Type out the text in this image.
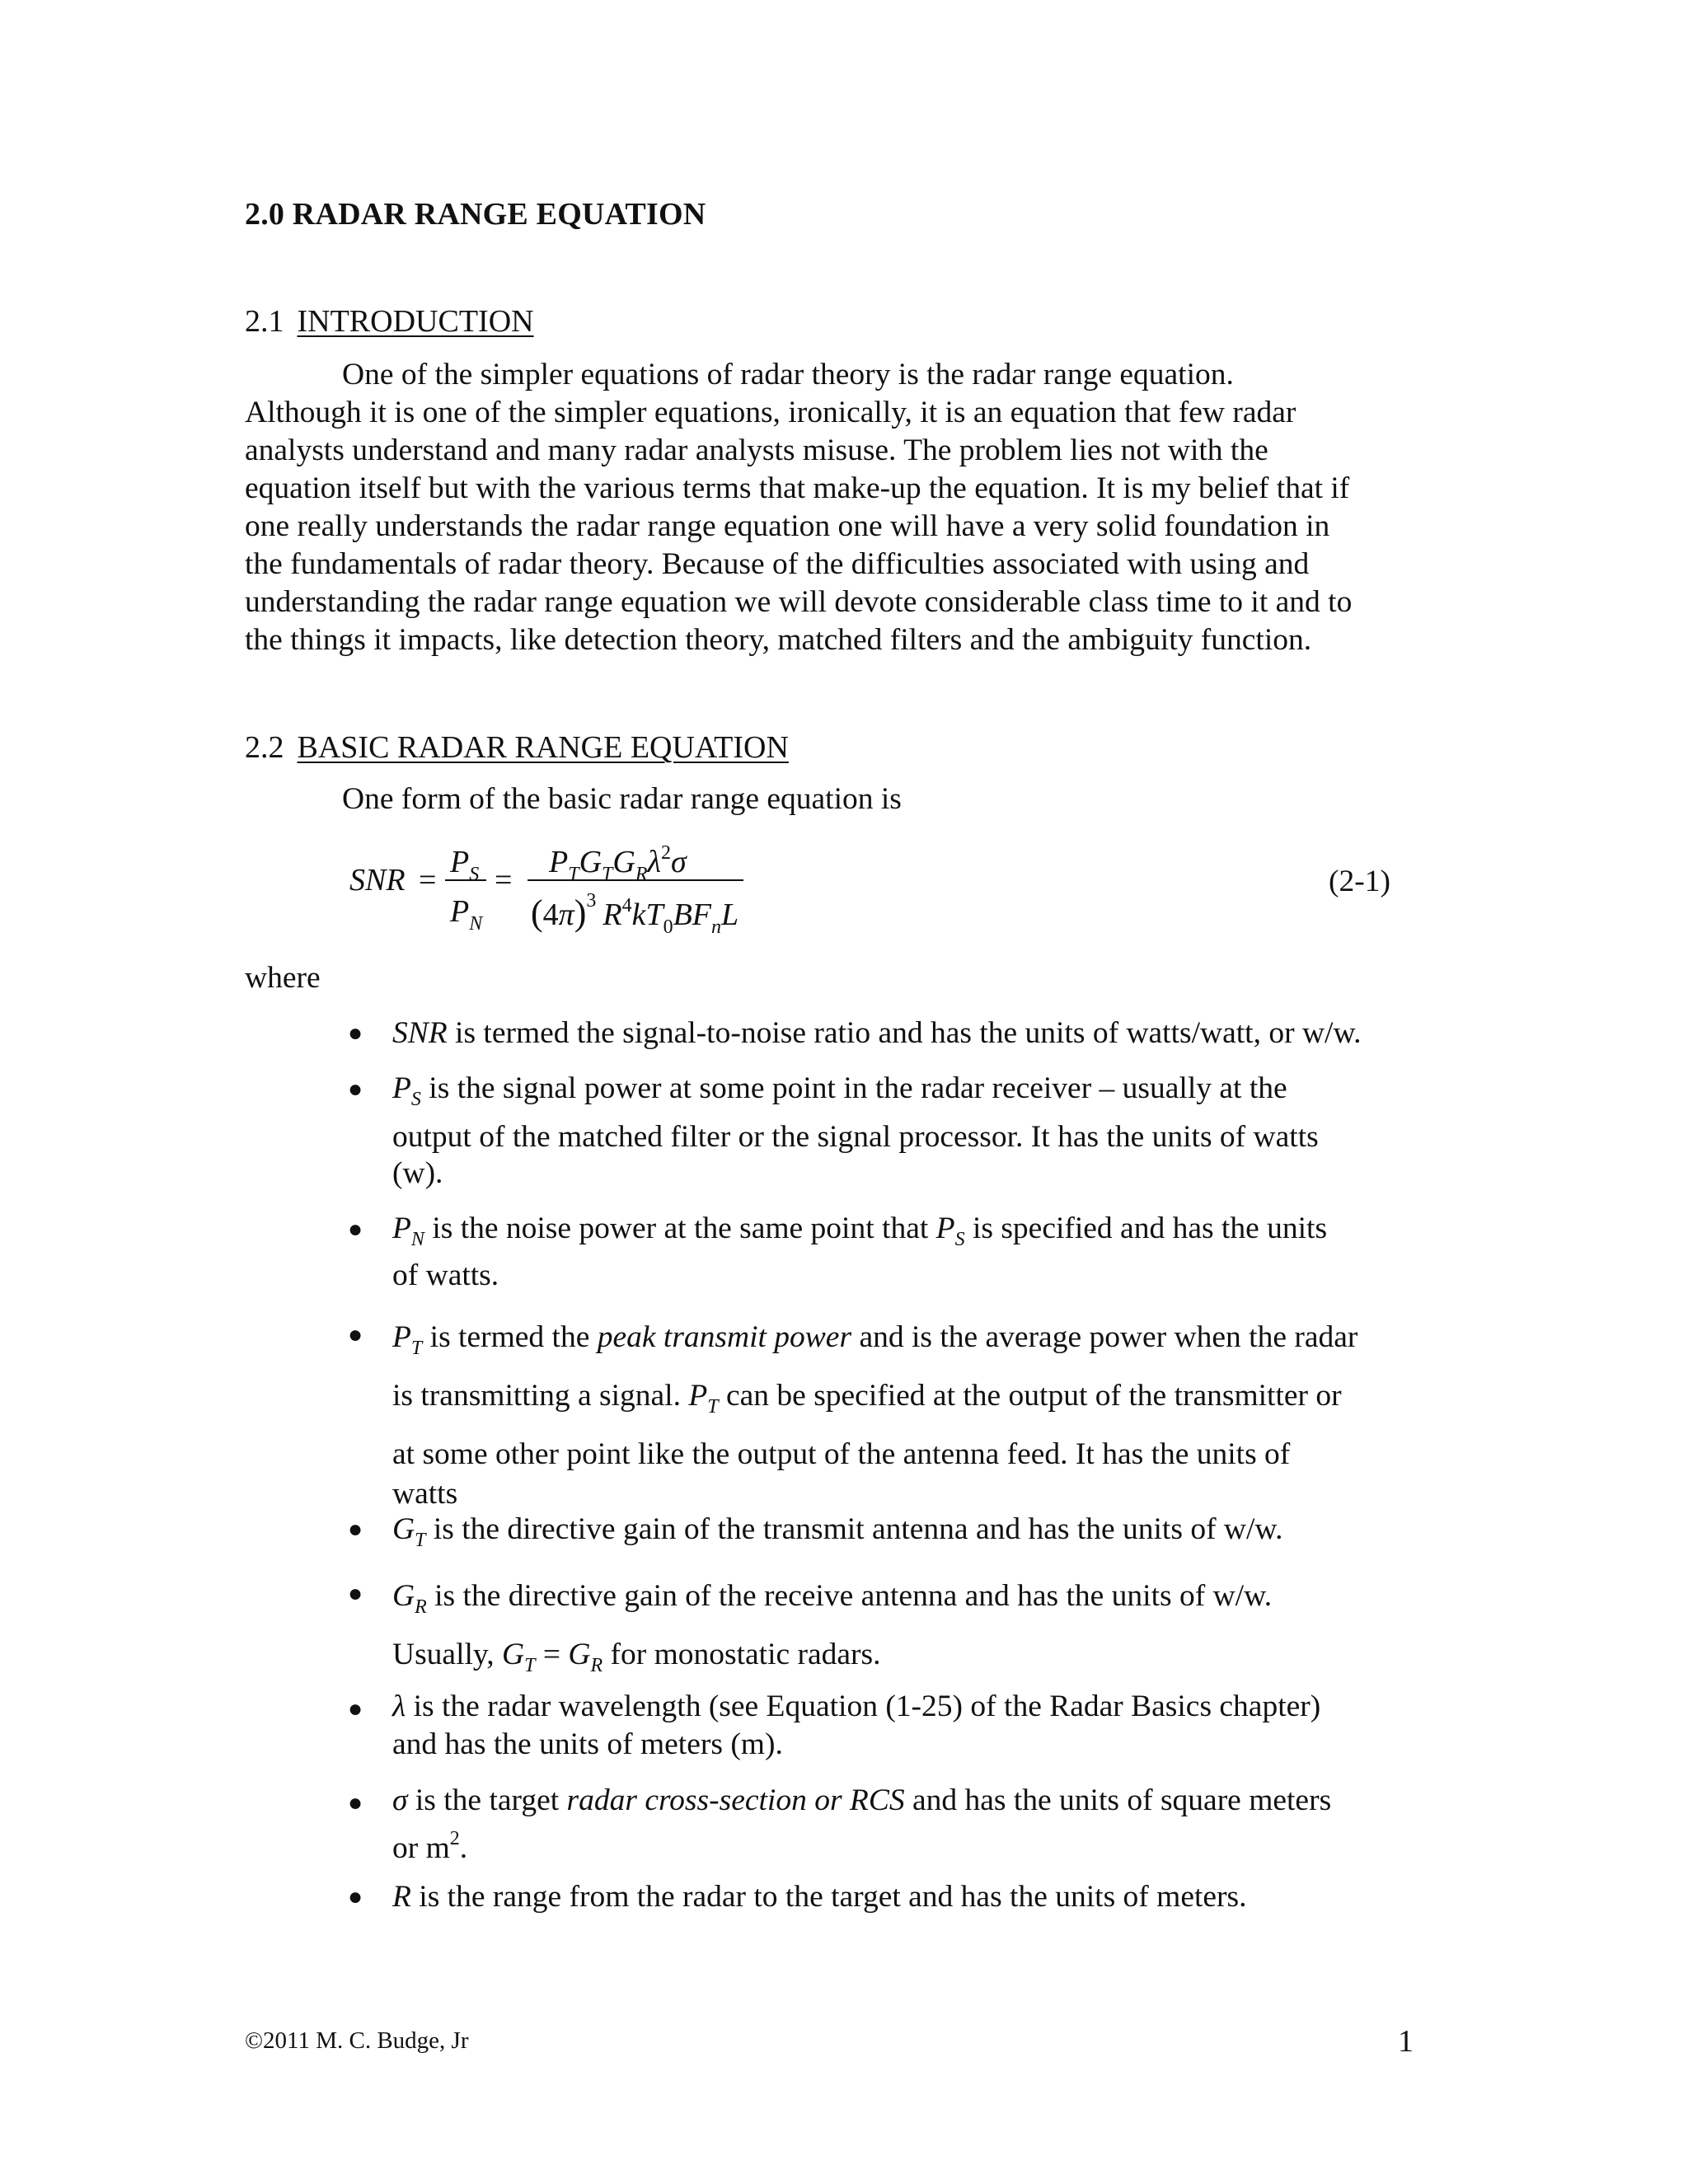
2.0 RADAR RANGE EQUATION
2.1 INTRODUCTION
One of the simpler equations of radar theory is the radar range equation.
Although it is one of the simpler equations, ironically, it is an equation that few radar
analysts understand and many radar analysts misuse. The problem lies not with the
equation itself but with the various terms that make-up the equation. It is my belief that if
one really understands the radar range equation one will have a very solid foundation in
the fundamentals of radar theory. Because of the difficulties associated with using and
understanding the radar range equation we will devote considerable class time to it and to
the things it impacts, like detection theory, matched filters and the ambiguity function.
2.2 BASIC RADAR RANGE EQUATION
One form of the basic radar range equation is
SNR =
$P_S$
$P_N$
=
$P_TG_TG_R\lambda^2\sigma$
$(4\pi)^3$ $R^4kT_0BF_nL$
(2-1)
where
● SNR is termed the signal-to-noise ratio and has the units of watts/watt, or w/w.
● $P_S$ is the signal power at some point in the radar receiver – usually at the
output of the matched filter or the signal processor. It has the units of watts
(w).
● $P_N$ is the noise power at the same point that $P_S$ is specified and has the units
of watts.
● $P_T$ is termed the peak transmit power and is the average power when the radar
is transmitting a signal. $P_T$ can be specified at the output of the transmitter or
at some other point like the output of the antenna feed. It has the units of
watts
● $G_T$ is the directive gain of the transmit antenna and has the units of w/w.
● $G_R$ is the directive gain of the receive antenna and has the units of w/w.
Usually, $G_T = G_R$ for monostatic radars.
● λ is the radar wavelength (see Equation (1-25) of the Radar Basics chapter)
and has the units of meters (m).
● σ is the target radar cross-section or RCS and has the units of square meters
or $m^2$.
● R is the range from the radar to the target and has the units of meters.
©2011 M. C. Budge, Jr	1
